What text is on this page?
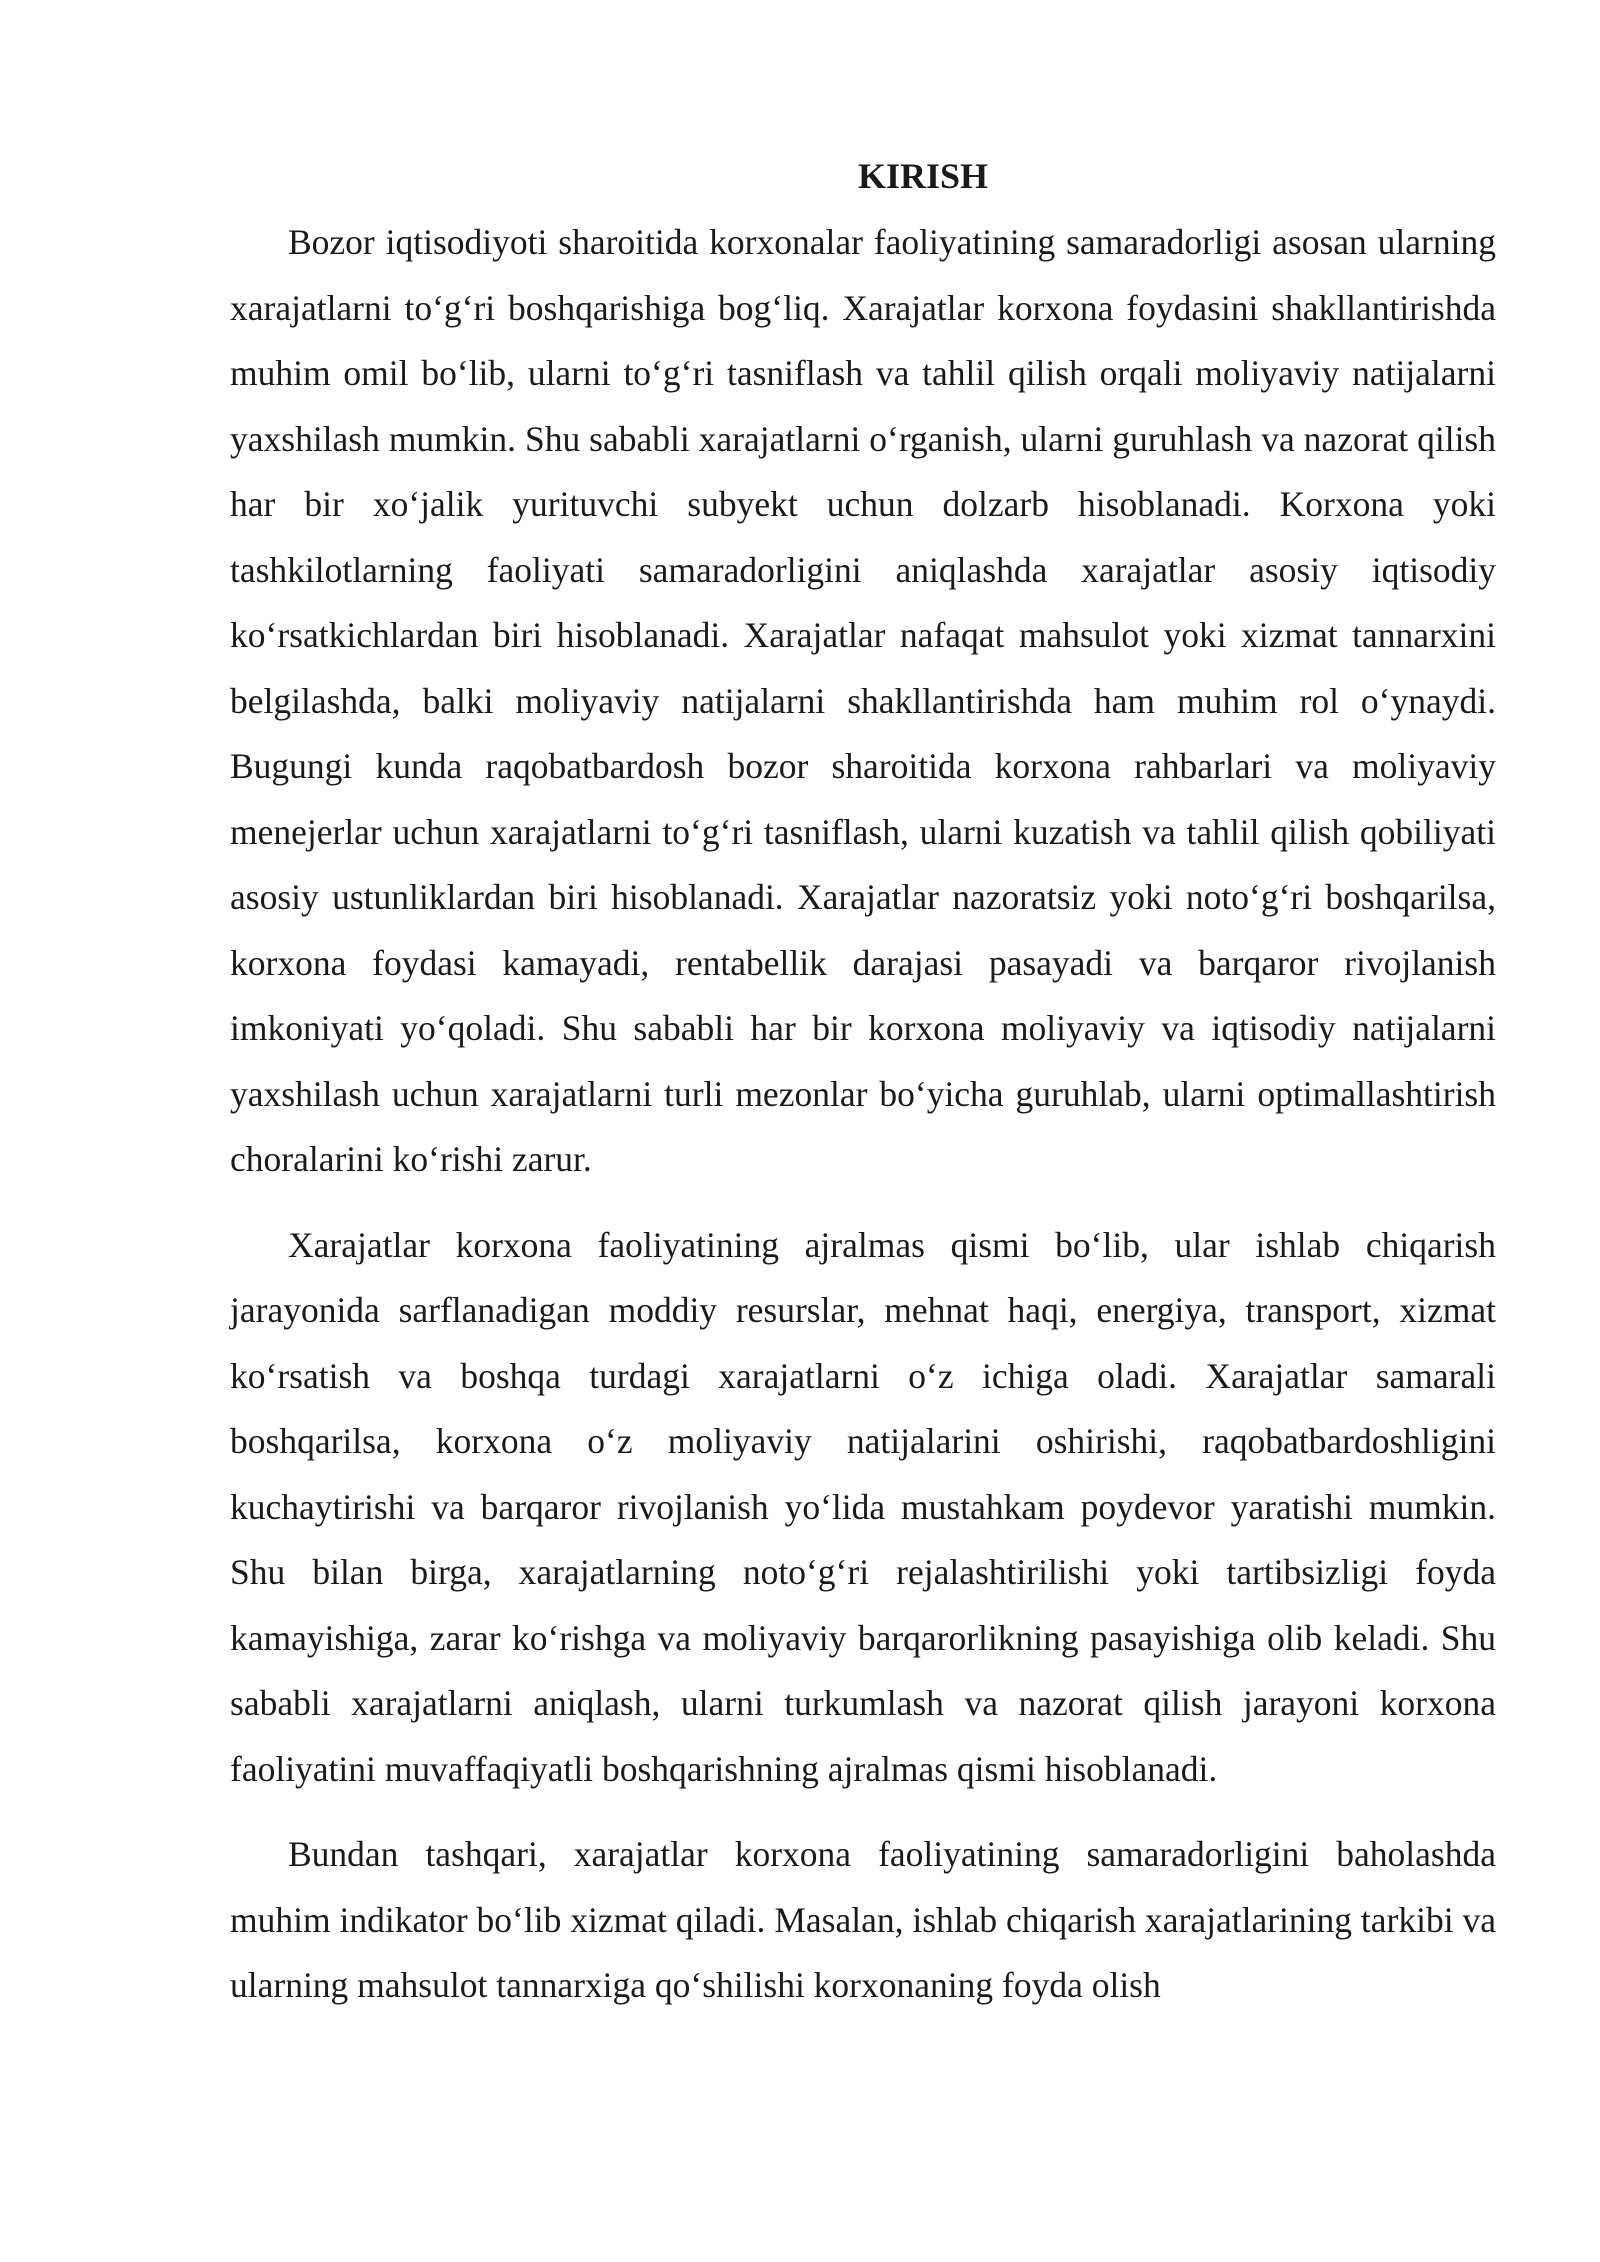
KIRISH

Bozor iqtisodiyoti sharoitida korxonalar faoliyatining samaradorligi asosan ularning xarajatlarni to‘g‘ri boshqarishiga bog‘liq. Xarajatlar korxona foydasini shakllantirishda muhim omil bo‘lib, ularni to‘g‘ri tasniflash va tahlil qilish orqali moliyaviy natijalarni yaxshilash mumkin. Shu sababli xarajatlarni o‘rganish, ularni guruhlash va nazorat qilish har bir xo‘jalik yurituvchi subyekt uchun dolzarb hisoblanadi. Korxona yoki tashkilotlarning faoliyati samaradorligini aniqlashda xarajatlar asosiy iqtisodiy ko‘rsatkichlardan biri hisoblanadi. Xarajatlar nafaqat mahsulot yoki xizmat tannarxini belgilashda, balki moliyaviy natijalarni shakllantirishda ham muhim rol o‘ynaydi. Bugungi kunda raqobatbardosh bozor sharoitida korxona rahbarlari va moliyaviy menejerlar uchun xarajatlarni to‘g‘ri tasniflash, ularni kuzatish va tahlil qilish qobiliyati asosiy ustunliklardan biri hisoblanadi. Xarajatlar nazoratsiz yoki noto‘g‘ri boshqarilsa, korxona foydasi kamayadi, rentabellik darajasi pasayadi va barqaror rivojlanish imkoniyati yo‘qoladi. Shu sababli har bir korxona moliyaviy va iqtisodiy natijalarni yaxshilash uchun xarajatlarni turli mezonlar bo‘yicha guruhlab, ularni optimallashtirish choralarini ko‘rishi zarur.

Xarajatlar korxona faoliyatining ajralmas qismi bo‘lib, ular ishlab chiqarish jarayonida sarflanadigan moddiy resurslar, mehnat haqi, energiya, transport, xizmat ko‘rsatish va boshqa turdagi xarajatlarni o‘z ichiga oladi. Xarajatlar samarali boshqarilsa, korxona o‘z moliyaviy natijalarini oshirishi, raqobatbardoshligini kuchaytirishi va barqaror rivojlanish yo‘lida mustahkam poydevor yaratishi mumkin. Shu bilan birga, xarajatlarning noto‘g‘ri rejalashtirilishi yoki tartibsizligi foyda kamayishiga, zarar ko‘rishga va moliyaviy barqarorlikning pasayishiga olib keladi. Shu sababli xarajatlarni aniqlash, ularni turkumlash va nazorat qilish jarayoni korxona faoliyatini muvaffaqiyatli boshqarishning ajralmas qismi hisoblanadi.

Bundan tashqari, xarajatlar korxona faoliyatining samaradorligini baholashda muhim indikator bo‘lib xizmat qiladi. Masalan, ishlab chiqarish xarajatlarining tarkibi va ularning mahsulot tannarxiga qo‘shilishi korxonaning foyda olish
